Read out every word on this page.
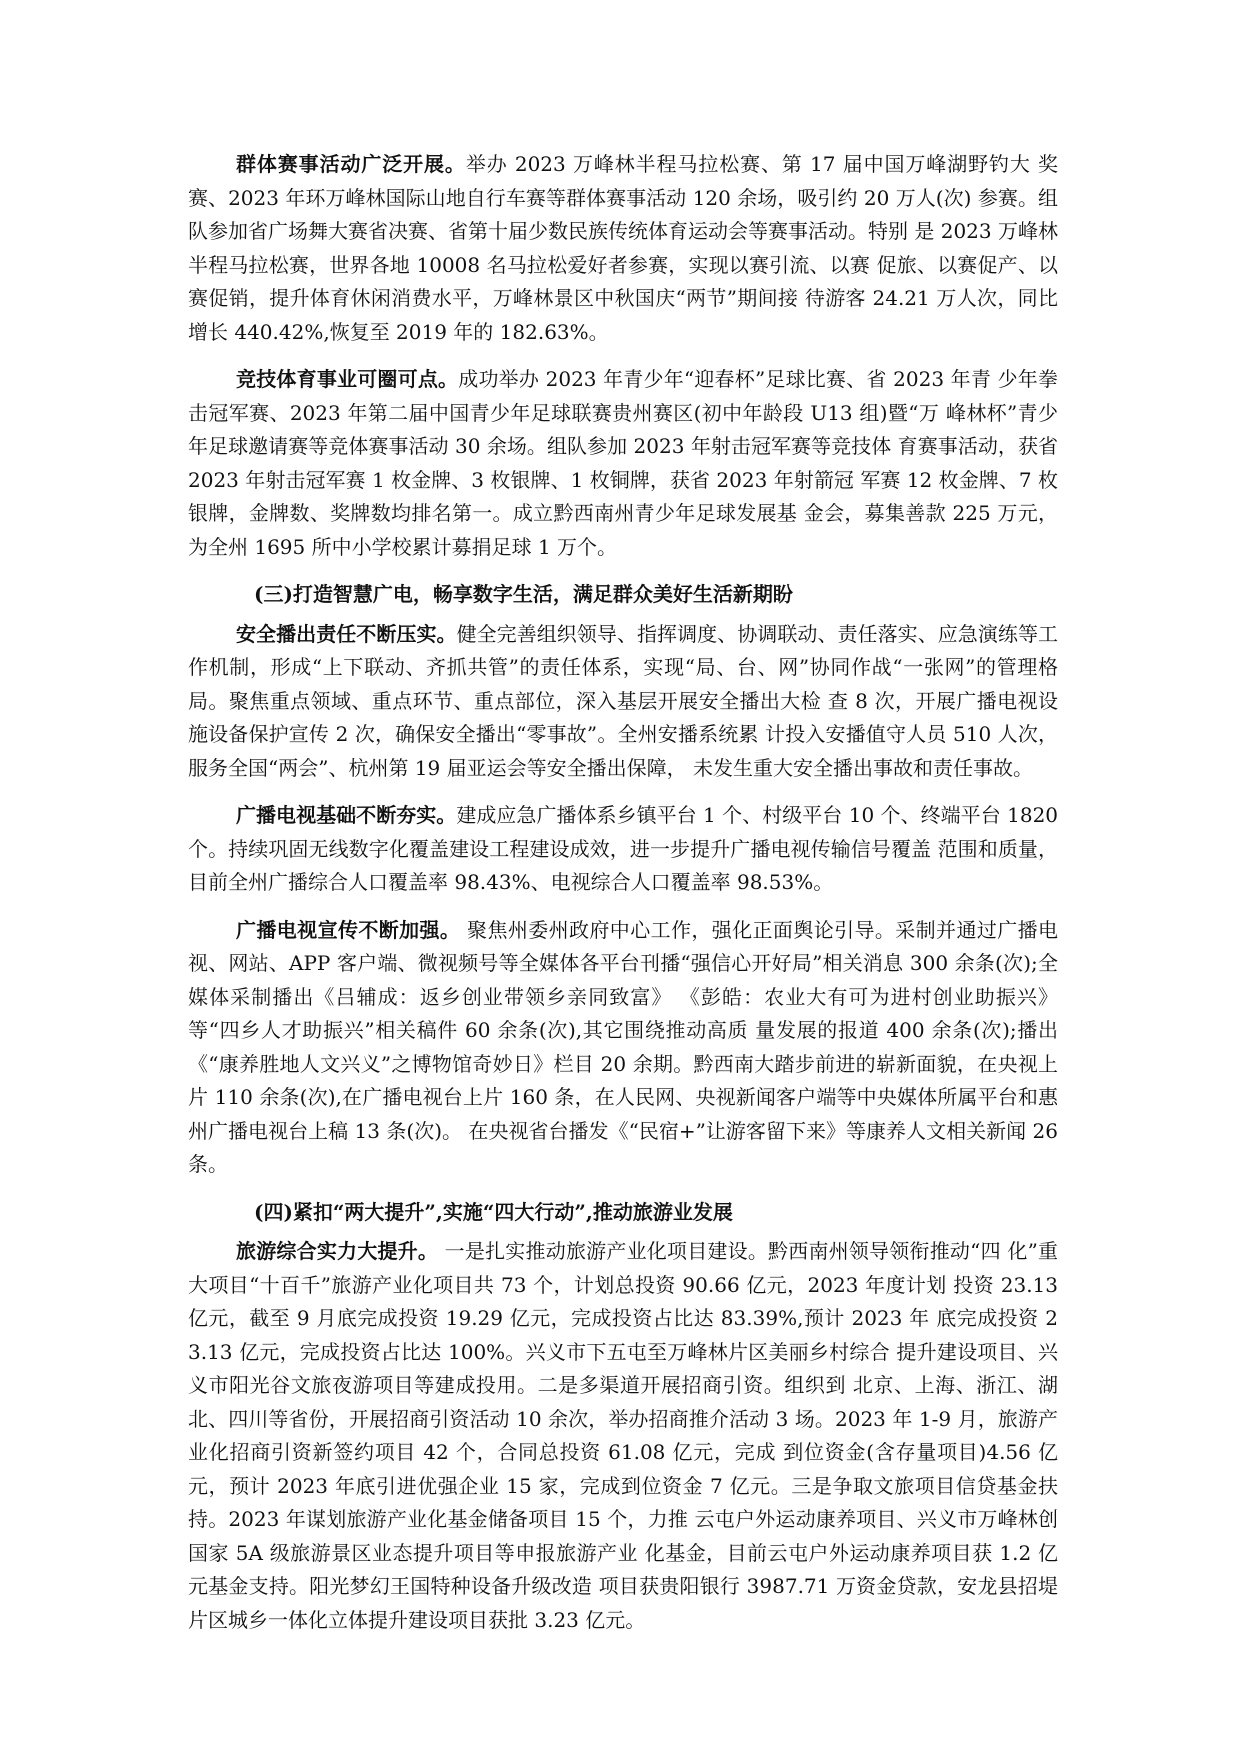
群体赛事活动广泛开展。举办 2023 万峰林半程马拉松赛、第 17 届中国万峰湖野钓大 奖赛、2023 年环万峰林国际山地自行车赛等群体赛事活动 120 余场，吸引约 20 万人(次) 参赛。组队参加省广场舞大赛省决赛、省第十届少数民族传统体育运动会等赛事活动。特别 是 2023 万峰林半程马拉松赛，世界各地 10008 名马拉松爱好者参赛，实现以赛引流、以赛 促旅、以赛促产、以赛促销，提升体育休闲消费水平，万峰林景区中秋国庆“两节”期间接 待游客 24.21 万人次，同比增长 440.42%,恢复至 2019 年的 182.63%。

竞技体育事业可圈可点。成功举办 2023 年青少年“迎春杯”足球比赛、省 2023 年青 少年拳击冠军赛、2023 年第二届中国青少年足球联赛贵州赛区(初中年龄段 U13 组)暨“万 峰林杯”青少年足球邀请赛等竞体赛事活动 30 余场。组队参加 2023 年射击冠军赛等竞技体 育赛事活动，获省 2023 年射击冠军赛 1 枚金牌、3 枚银牌、1 枚铜牌，获省 2023 年射箭冠 军赛 12 枚金牌、7 枚银牌，金牌数、奖牌数均排名第一。成立黔西南州青少年足球发展基 金会，募集善款 225 万元，为全州 1695 所中小学校累计募捐足球 1 万个。

(三)打造智慧广电，畅享数字生活，满足群众美好生活新期盼

安全播出责任不断压实。健全完善组织领导、指挥调度、协调联动、责任落实、应急演练等工作机制，形成“上下联动、齐抓共管”的责任体系，实现“局、台、网”协同作战“一张网”的管理格局。聚焦重点领域、重点环节、重点部位，深入基层开展安全播出大检 查 8 次，开展广播电视设施设备保护宣传 2 次，确保安全播出“零事故”。全州安播系统累 计投入安播值守人员 510 人次，服务全国“两会”、杭州第 19 届亚运会等安全播出保障， 未发生重大安全播出事故和责任事故。

广播电视基础不断夯实。建成应急广播体系乡镇平台 1 个、村级平台 10 个、终端平台 1820 个。持续巩固无线数字化覆盖建设工程建设成效，进一步提升广播电视传输信号覆盖 范围和质量，目前全州广播综合人口覆盖率 98.43%、电视综合人口覆盖率 98.53%。

广播电视宣传不断加强。 聚焦州委州政府中心工作，强化正面舆论引导。采制并通过广播电视、网站、APP 客户端、微视频号等全媒体各平台刊播“强信心开好局”相关消息 300 余条(次);全媒体采制播出《吕辅成：返乡创业带领乡亲同致富》 《彭皓：农业大有可为进村创业助振兴》等“四乡人才助振兴”相关稿件 60 余条(次),其它围绕推动高质 量发展的报道 400 余条(次);播出《“康养胜地人文兴义”之博物馆奇妙日》栏目 20 余期。黔西南大踏步前进的崭新面貌，在央视上片 110 余条(次),在广播电视台上片 160 条，在人民网、央视新闻客户端等中央媒体所属平台和惠州广播电视台上稿 13 条(次)。 在央视省台播发《“民宿+”让游客留下来》等康养人文相关新闻 26 条。

(四)紧扣“两大提升”,实施“四大行动”,推动旅游业发展

旅游综合实力大提升。 一是扎实推动旅游产业化项目建设。黔西南州领导领衔推动“四 化”重大项目“十百千”旅游产业化项目共 73 个，计划总投资 90.66 亿元，2023 年度计划 投资 23.13 亿元，截至 9 月底完成投资 19.29 亿元，完成投资占比达 83.39%,预计 2023 年 底完成投资 23.13 亿元，完成投资占比达 100%。兴义市下五屯至万峰林片区美丽乡村综合 提升建设项目、兴义市阳光谷文旅夜游项目等建成投用。二是多渠道开展招商引资。组织到 北京、上海、浙江、湖北、四川等省份，开展招商引资活动 10 余次，举办招商推介活动 3 场。2023 年 1-9 月，旅游产业化招商引资新签约项目 42 个，合同总投资 61.08 亿元，完成 到位资金(含存量项目)4.56 亿元，预计 2023 年底引进优强企业 15 家，完成到位资金 7 亿元。三是争取文旅项目信贷基金扶持。2023 年谋划旅游产业化基金储备项目 15 个，力推 云屯户外运动康养项目、兴义市万峰林创国家 5A 级旅游景区业态提升项目等申报旅游产业 化基金，目前云屯户外运动康养项目获 1.2 亿元基金支持。阳光梦幻王国特种设备升级改造 项目获贵阳银行 3987.71 万资金贷款，安龙县招堤片区城乡一体化立体提升建设项目获批 3.23 亿元。
